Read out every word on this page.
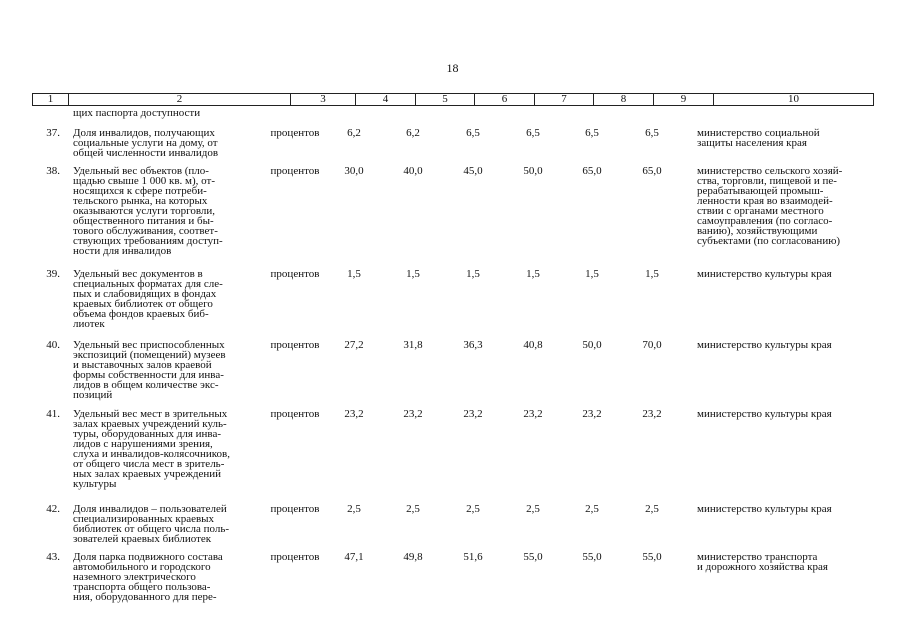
18
1	2	3	4	5	6	7	8	9	10
щих паспорта доступности
37. Доля инвалидов, получающих
социальные услуги на дому, от
общей численности инвалидов
процентов	6,2	6,2	6,5	6,5	6,5	6,5	министерство социальной
защиты населения края
38. Удельный вес объектов (пло-
щадью свыше 1 000 кв. м), от-
носящихся к сфере потреби-
тельского рынка, на которых
оказываются услуги торговли,
общественного питания и бы-
тового обслуживания, соответ-
ствующих требованиям доступ-
ности для инвалидов
процентов	30,0	40,0	45,0	50,0	65,0	65,0	министерство сельского хозяй-
ства, торговли, пищевой и пе-
рерабатывающей промыш-
ленности края во взаимодей-
ствии с органами местного
самоуправления (по согласо-
ванию), хозяйствующими
субъектами (по согласованию)
39. Удельный вес документов в
специальных форматах для сле-
пых и слабовидящих в фондах
краевых библиотек от общего
объема фондов краевых биб-
лиотек
процентов	1,5	1,5	1,5	1,5	1,5	1,5	министерство культуры края
40. Удельный вес приспособленных
экспозиций (помещений) музеев
и выставочных залов краевой
формы собственности для инва-
лидов в общем количестве экс-
позиций
процентов	27,2	31,8	36,3	40,8	50,0	70,0	министерство культуры края
41. Удельный вес мест в зрительных
залах краевых учреждений куль-
туры, оборудованных для инва-
лидов с нарушениями зрения,
слуха и инвалидов-колясочников,
от общего числа мест в зритель-
ных залах краевых учреждений
культуры
процентов	23,2	23,2	23,2	23,2	23,2	23,2	министерство культуры края
42. Доля инвалидов – пользователей
специализированных краевых
библиотек от общего числа поль-
зователей краевых библиотек
процентов	2,5	2,5	2,5	2,5	2,5	2,5	министерство культуры края
43. Доля парка подвижного состава
автомобильного и городского
наземного электрического
транспорта общего пользова-
ния, оборудованного для пере-
процентов	47,1	49,8	51,6	55,0	55,0	55,0	министерство транспорта
и дорожного хозяйства края
